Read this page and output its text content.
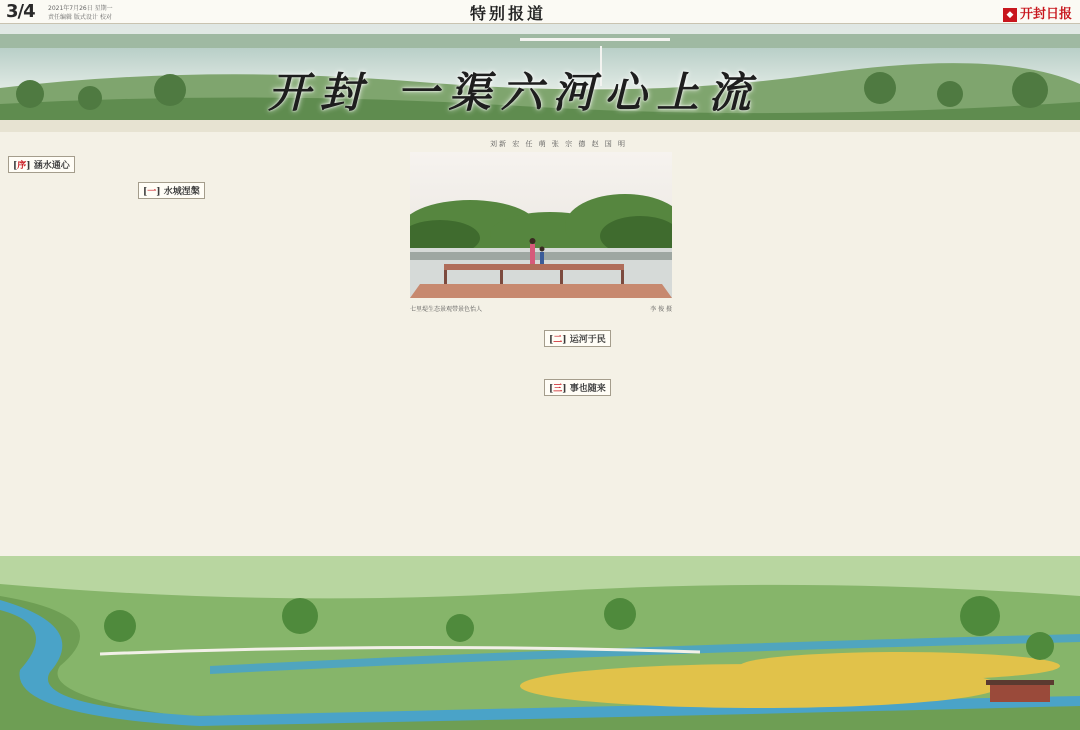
3/4 2021年7月26日 星期一
责任编辑 版式设计 校对	特别报道	◆ 开封日报
开封 一渠六河心上流
刘新 宏 任 萌 张 宗 德 赵 国 明
[序] 涵水通心
[一] 水城涅槃
[二] 运河于民
[三] 事也随来
七里堤生态景观带景色怡人	李 俊 摄
